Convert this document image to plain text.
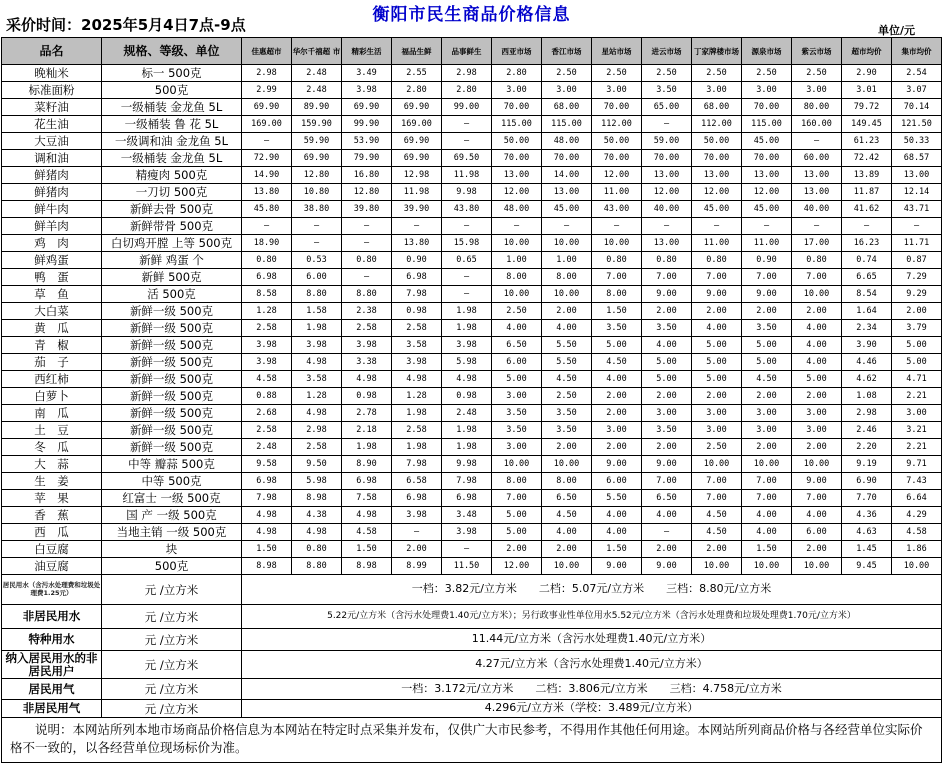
衡阳市民生商品价格信息
采价时间：2025年5月4日7点-9点	单位/元
品名	规格、等级、单位	佳惠超市	华尔千禧超 市	精彩生活	福品生鲜	品事鲜生	西亚市场	香江市场	星站市场	进云市场	丁家牌楼市场	源泉市场	紫云市场	超市均价	集市均价
晚籼米	标一 500克	2.98	2.48	3.49	2.55	2.98	2.80	2.50	2.50	2.50	2.50	2.50	2.50	2.90	2.54
标准面粉	500克	2.99	2.48	3.98	2.80	2.80	3.00	3.00	3.00	3.50	3.00	3.00	3.00	3.01	3.07
菜籽油	一级桶装 金龙鱼 5L	69.90	89.90	69.90	69.90	99.00	70.00	68.00	70.00	65.00	68.00	70.00	80.00	79.72	70.14
花生油	一级桶装 鲁 花 5L	169.00	159.90	99.90	169.00	—	115.00	115.00	112.00	–	112.00	115.00	160.00	149.45	121.50
大豆油	一级调和油 金龙鱼 5L	–	59.90	53.90	69.90	—	50.00	48.00	50.00	59.00	50.00	45.00	–	61.23	50.33
调和油	一级桶装 金龙鱼 5L	72.90	69.90	79.90	69.90	69.50	70.00	70.00	70.00	70.00	70.00	70.00	60.00	72.42	68.57
鲜猪肉	精瘦肉 500克	14.90	12.80	16.80	12.98	11.98	13.00	14.00	12.00	13.00	13.00	13.00	13.00	13.89	13.00
鲜猪肉	一刀切 500克	13.80	10.80	12.80	11.98	9.98	12.00	13.00	11.00	12.00	12.00	12.00	13.00	11.87	12.14
鲜牛肉	新鲜去骨 500克	45.80	38.80	39.80	39.90	43.80	48.00	45.00	43.00	40.00	45.00	45.00	40.00	41.62	43.71
鲜羊肉	新鲜带骨 500克	–	–	–	–	–	–	–	–	–	–	–	–	–	–
鸡　肉	白切鸡开膛 上等 500克	18.90	–	–	13.80	15.98	10.00	10.00	10.00	13.00	11.00	11.00	17.00	16.23	11.71
鲜鸡蛋	新鲜 鸡蛋 个	0.80	0.53	0.80	0.90	0.65	1.00	1.00	0.80	0.80	0.80	0.90	0.80	0.74	0.87
鸭　蛋	新鲜 500克	6.98	6.00	–	6.98	—	8.00	8.00	7.00	7.00	7.00	7.00	7.00	6.65	7.29
草　鱼	活 500克	8.58	8.80	8.80	7.98	—	10.00	10.00	8.00	9.00	9.00	9.00	10.00	8.54	9.29
大白菜	新鲜一级 500克	1.28	1.58	2.38	0.98	1.98	2.50	2.00	1.50	2.00	2.00	2.00	2.00	1.64	2.00
黄　瓜	新鲜一级 500克	2.58	1.98	2.58	2.58	1.98	4.00	4.00	3.50	3.50	4.00	3.50	4.00	2.34	3.79
青　椒	新鲜一级 500克	3.98	3.98	3.98	3.58	3.98	6.50	5.50	5.00	4.00	5.00	5.00	4.00	3.90	5.00
茄　子	新鲜一级 500克	3.98	4.98	3.38	3.98	5.98	6.00	5.50	4.50	5.00	5.00	5.00	4.00	4.46	5.00
西红柿	新鲜一级 500克	4.58	3.58	4.98	4.98	4.98	5.00	4.50	4.00	5.00	5.00	4.50	5.00	4.62	4.71
白萝卜	新鲜一级 500克	0.88	1.28	0.98	1.28	0.98	3.00	2.50	2.00	2.00	2.00	2.00	2.00	1.08	2.21
南　瓜	新鲜一级 500克	2.68	4.98	2.78	1.98	2.48	3.50	3.50	2.00	3.00	3.00	3.00	3.00	2.98	3.00
土　豆	新鲜一级 500克	2.58	2.98	2.18	2.58	1.98	3.50	3.50	3.00	3.50	3.00	3.00	3.00	2.46	3.21
冬　瓜	新鲜一级 500克	2.48	2.58	1.98	1.98	1.98	3.00	2.00	2.00	2.00	2.50	2.00	2.00	2.20	2.21
大　蒜	中等 瓣蒜 500克	9.58	9.50	8.90	7.98	9.98	10.00	10.00	9.00	9.00	10.00	10.00	10.00	9.19	9.71
生　姜	中等 500克	6.98	5.98	6.98	6.58	7.98	8.00	8.00	6.00	7.00	7.00	7.00	9.00	6.90	7.43
苹　果	红富士 一级 500克	7.98	8.98	7.58	6.98	6.98	7.00	6.50	5.50	6.50	7.00	7.00	7.00	7.70	6.64
香　蕉	国 产 一级 500克	4.98	4.38	4.98	3.98	3.48	5.00	4.50	4.00	4.00	4.50	4.00	4.00	4.36	4.29
西　瓜	当地主销 一级 500克	4.98	4.98	4.58	–	3.98	5.00	4.00	4.00	–	4.50	4.00	6.00	4.63	4.58
白豆腐	块	1.50	0.80	1.50	2.00	—	2.00	2.00	1.50	2.00	2.00	1.50	2.00	1.45	1.86
油豆腐	500克	8.98	8.80	8.98	8.99	11.50	12.00	10.00	9.00	9.00	10.00	10.00	10.00	9.45	10.00
居民用水（含污水处理费和垃圾处理费1.25元）	元 /立方米	一档：3.82元/立方米　　二档：5.07元/立方米　　三档：8.80元/立方米													
非居民用水	元 /立方米	5.22元/立方米（含污水处理费1.40元/立方米）；另行政事业性单位用水5.52元/立方米（含污水处理费和垃圾处理费1.70元/立方米）													
特种用水	元 /立方米	11.44元/立方米（含污水处理费1.40元/立方米）													
纳入居民用水的非居民用户	元 /立方米	4.27元/立方米（含污水处理费1.40元/立方米）													
居民用气	元 /立方米	一档：3.172元/立方米　　二档：3.806元/立方米　　三档：4.758元/立方米													
非居民用气	元 /立方米	4.296元/立方米（学校：3.489元/立方米）													
说明：本网站所列本地市场商品价格信息为本网站在特定时点采集并发布，仅供广大市民参考，不得用作其他任何用途。本网站所列商品价格与各经营单位实际价格不一致的，以各经营单位现场标价为准。
